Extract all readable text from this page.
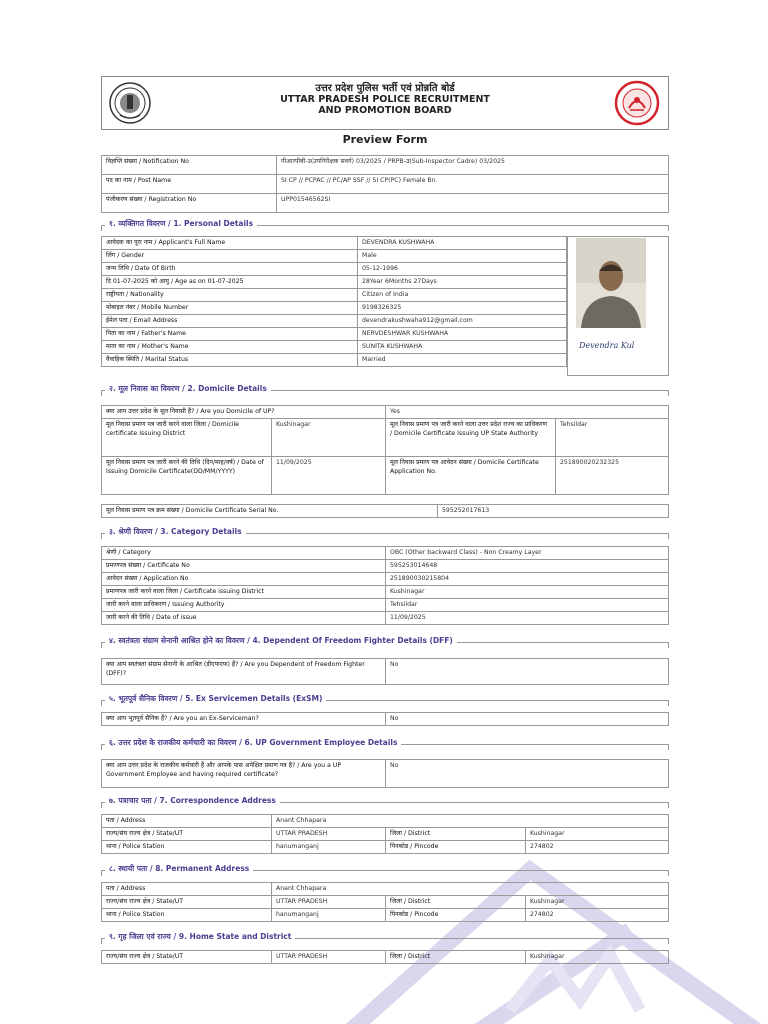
उत्तर प्रदेश पुलिस भर्ती एवं प्रोन्नति बोर्ड
UTTAR PRADESH POLICE RECRUITMENT
AND PROMOTION BOARD
Preview Form
विज्ञप्ति संख्या / Notification No	पीआरपीबी-उ(उपनिरीक्षक सवर्ग) 03/2025 / PRPB-उ(Sub-Inspector Cadre) 03/2025
पद का नाम / Post Name	SI CP // PCPAC // PC/AP SSF // SI CP(PC) Female Bn.
पंजीकरण संख्या / Registration No	UPP01546562SI
१. व्यक्तिगत विवरण / 1. Personal Details
आवेदक का पूरा नाम / Applicant's Full Name	DEVENDRA KUSHWAHA
लिंग / Gender	Male
जन्म तिथि / Date Of Birth	05-12-1996
दि 01-07-2025 को आयु / Age as on 01-07-2025	28Year 6Months 27Days
राष्ट्रीयता / Nationality	Citizen of India
मोबाइल नंबर / Mobile Number	9198326325
ईमेल पता / Email Address	devendrakushwaha912@gmail.com
पिता का नाम / Father's Name	NERVDESHWAR KUSHWAHA
माता का नाम / Mother's Name	SUNITA KUSHWAHA
वैवाहिक स्थिति / Marital Status	Married
Devendra Kul
२. मूल निवास का विवरण / 2. Domicile Details
क्या आप उत्तर प्रदेश के मूल निवासी हैं? / Are you Domicile of UP?		Yes	
मूल निवास प्रमाण पत्र जारी करने वाला जिला / Domicile certificate Issuing District	Kushinagar	मूल निवास प्रमाण पत्र जारी करने वाला उत्तर प्रदेश राज्य का प्राधिकरण / Domicile Certificate Issuing UP State Authority	Tehsildar
मूल निवास प्रमाण पत्र जारी करने की तिथि (दिन/माह/वर्ष) / Date of Issuing Domicile Certificate(DD/MM/YYYY)	11/09/2025	मूल निवास प्रमाण पत्र आवेदन संख्या / Domicile Certificate Application No.	251890020232325
मूल निवास प्रमाण पत्र क्रम संख्या / Domicile Certificate Serial No.	595252017613
३. श्रेणी विवरण / 3. Category Details
श्रेणी / Category	OBC (Other backward Class) - Non Creamy Layer
प्रमाणपत्र संख्या / Certificate No	595253014648
आवेदन संख्या / Application No	251890030215804
प्रमाणपत्र जारी करने वाला जिला / Certificate issuing District	Kushinagar
जारी करने वाला प्राधिकरण / Issuing Authority	Tehsildar
जारी करने की तिथि / Date of issue	11/09/2025
४. स्वतंत्रता संग्राम सेनानी आश्रित होने का विवरण / 4. Dependent Of Freedom Fighter Details (DFF)
क्या आप स्वतंत्रता संग्राम सेनानी के आश्रित (डीएफएफ) हैं? / Are you Dependent of Freedom Fighter (DFF)?	No
५. भूतपूर्व सैनिक विवरण / 5. Ex Servicemen Details (ExSM)
क्या आप भूतपूर्व सैनिक हैं? / Are you an Ex-Serviceman?	No
६. उत्तर प्रदेश के राजकीय कर्मचारी का विवरण / 6. UP Government Employee Details
क्या आप उत्तर प्रदेश के राजकीय कर्मचारी हैं और आपके पास अपेक्षित प्रमाण पत्र है? / Are you a UP Government Employee and having required certificate?	No
७. पत्राचार पता / 7. Correspondence Address
पता / Address	Anant Chhapara		
राज्य/संघ राज्य क्षेत्र / State/UT	UTTAR PRADESH	जिला / District	Kushinagar
थाना / Police Station	hanumanganj	पिनकोड / Pincode	274802
८. स्थायी पता / 8. Permanent Address
पता / Address	Anant Chhapara		
राज्य/संघ राज्य क्षेत्र / State/UT	UTTAR PRADESH	जिला / District	Kushinagar
थाना / Police Station	hanumanganj	पिनकोड / Pincode	274802
९. गृह जिला एवं राज्य / 9. Home State and District
राज्य/संघ राज्य क्षेत्र / State/UT	UTTAR PRADESH	जिला / District	Kushinagar
